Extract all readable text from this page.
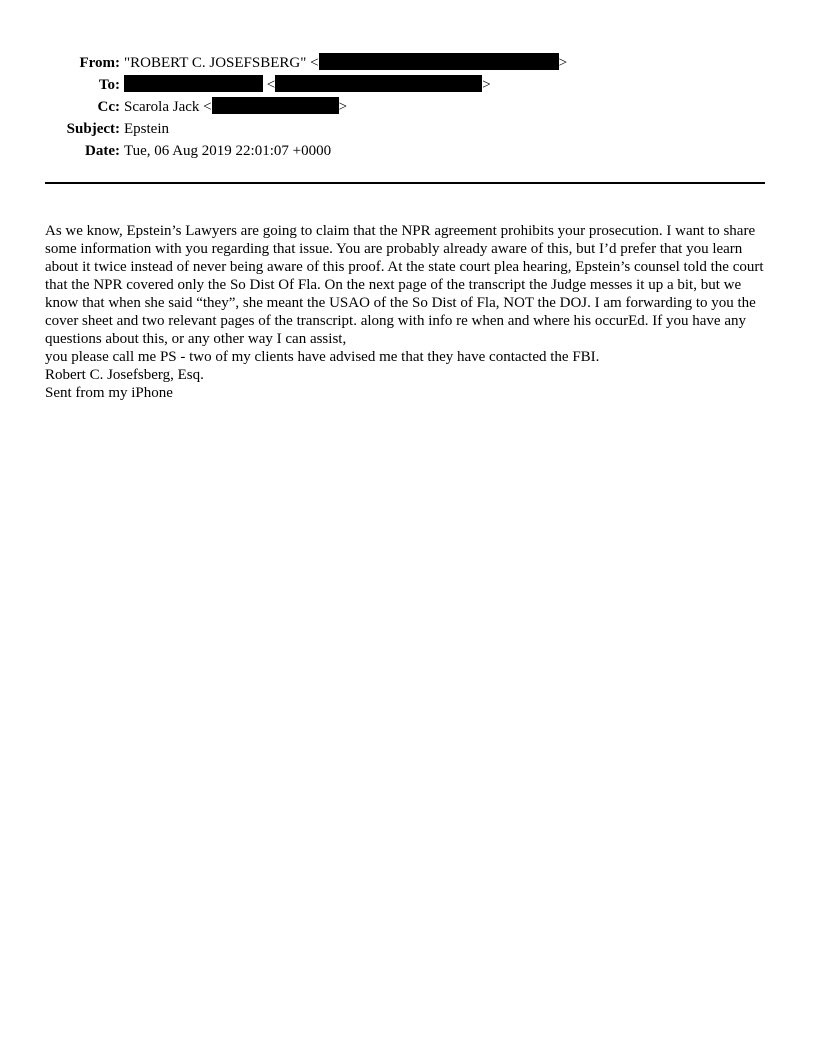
From: "ROBERT C. JOSEFSBERG" <	>
To:	<	>
Cc: Scarola Jack <	>
Subject: Epstein
Date: Tue, 06 Aug 2019 22:01:07 +0000

As we know, Epstein’s Lawyers are going to claim that the NPR agreement prohibits your prosecution. I want to share some information with you regarding that issue. You are probably already aware of this, but I’d prefer that you learn about it twice instead of never being aware of this proof. At the state court plea hearing, Epstein’s counsel told the court that the NPR covered only the So Dist Of Fla. On the next page of the transcript the Judge messes it up a bit, but we know that when she said “they”, she meant the USAO of the So Dist of Fla, NOT the DOJ. I am forwarding to you the cover sheet and two relevant pages of the transcript. along with info re when and where his occurEd. If you have any questions about this, or any other way I can assist,

you please call me PS - two of my clients have advised me that they have contacted the FBI.

Robert C. Josefsberg, Esq.

Sent from my iPhone
